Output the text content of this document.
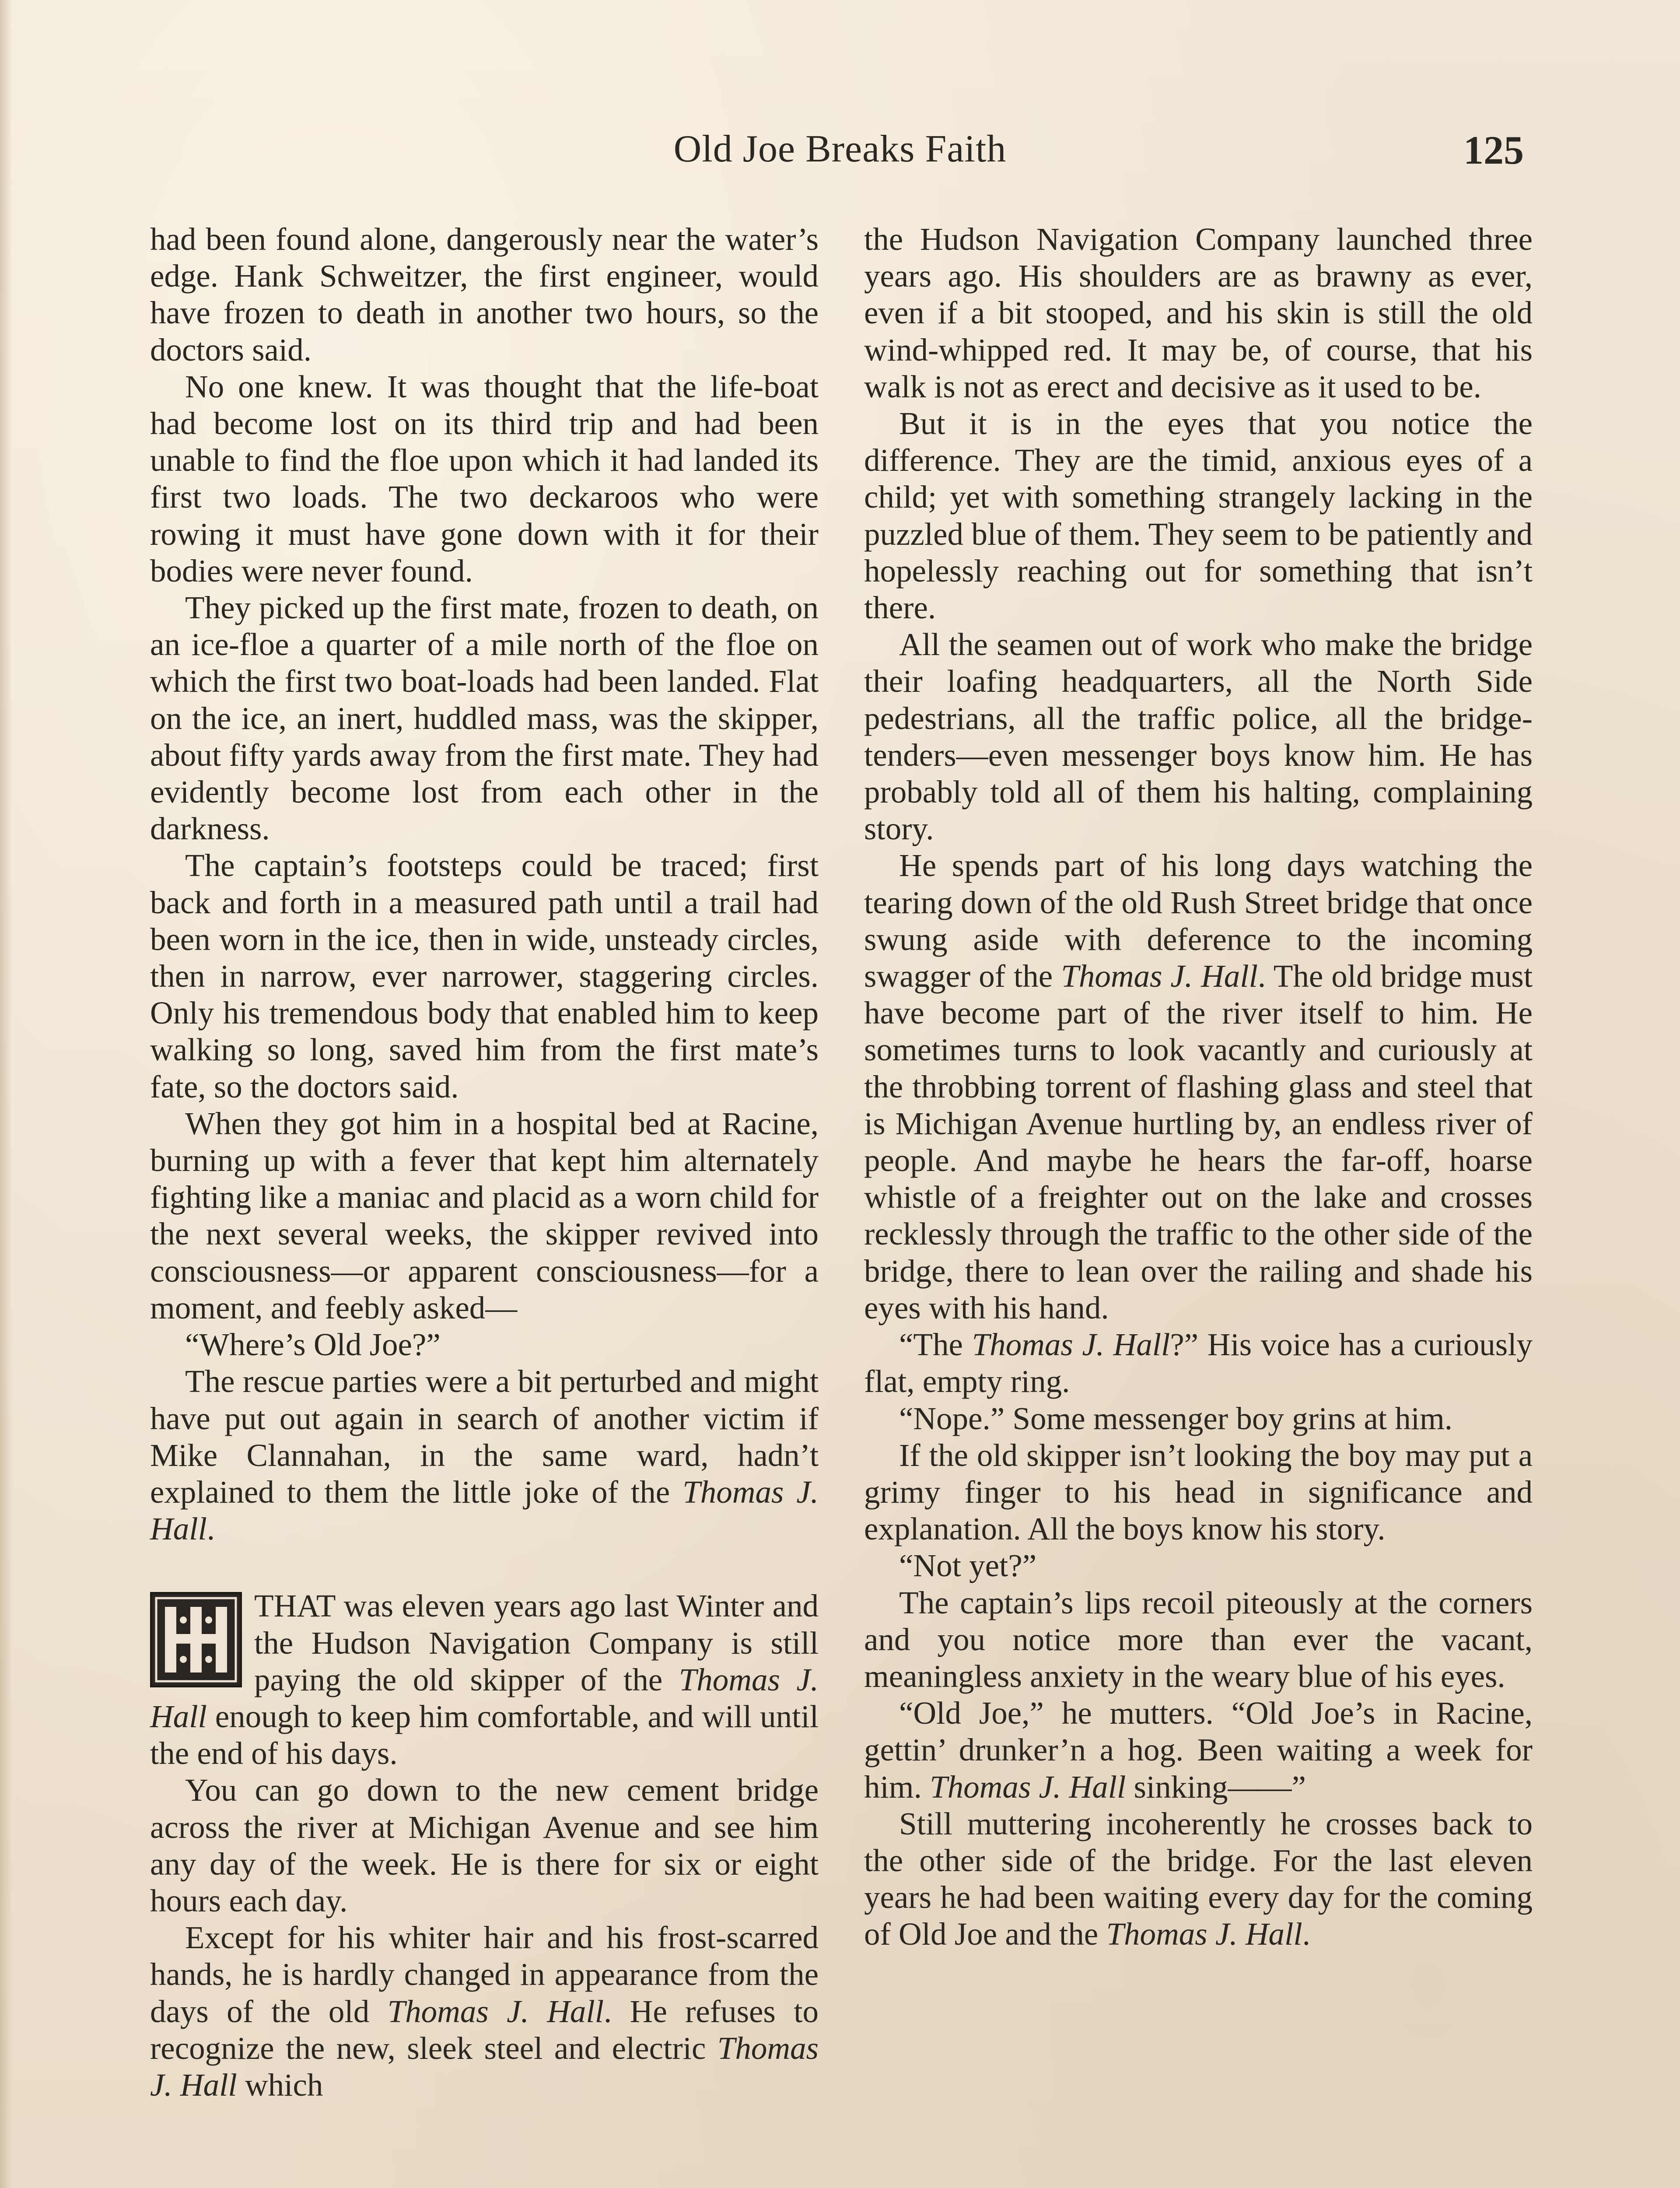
Old Joe Breaks Faith	125

had been found alone, dangerously near the water’s edge. Hank Schweitzer, the first engineer, would have frozen to death in another two hours, so the doctors said.

No one knew. It was thought that the life-boat had become lost on its third trip and had been unable to find the floe upon which it had landed its first two loads. The two deckaroos who were rowing it must have gone down with it for their bodies were never found.

They picked up the first mate, frozen to death, on an ice-floe a quarter of a mile north of the floe on which the first two boat-loads had been landed. Flat on the ice, an inert, huddled mass, was the skipper, about fifty yards away from the first mate. They had evidently become lost from each other in the darkness.

The captain’s footsteps could be traced; first back and forth in a measured path until a trail had been worn in the ice, then in wide, unsteady circles, then in narrow, ever narrower, staggering circles. Only his tremendous body that enabled him to keep walking so long, saved him from the first mate’s fate, so the doctors said.

When they got him in a hospital bed at Racine, burning up with a fever that kept him alternately fighting like a maniac and placid as a worn child for the next several weeks, the skipper revived into consciousness—or apparent consciousness—for a moment, and feebly asked—

“Where’s Old Joe?”

The rescue parties were a bit perturbed and might have put out again in search of another victim if Mike Clannahan, in the same ward, hadn’t explained to them the little joke of the Thomas J. Hall.

THAT was eleven years ago last Winter and the Hudson Navigation Company is still paying the old skipper of the Thomas J. Hall enough to keep him comfortable, and will until the end of his days.

You can go down to the new cement bridge across the river at Michigan Avenue and see him any day of the week. He is there for six or eight hours each day.

Except for his whiter hair and his frost-scarred hands, he is hardly changed in appearance from the days of the old Thomas J. Hall. He refuses to recognize the new, sleek steel and electric Thomas J. Hall which

the Hudson Navigation Company launched three years ago. His shoulders are as brawny as ever, even if a bit stooped, and his skin is still the old wind-whipped red. It may be, of course, that his walk is not as erect and decisive as it used to be.

But it is in the eyes that you notice the difference. They are the timid, anxious eyes of a child; yet with something strangely lacking in the puzzled blue of them. They seem to be patiently and hopelessly reaching out for something that isn’t there.

All the seamen out of work who make the bridge their loafing headquarters, all the North Side pedestrians, all the traffic police, all the bridge-tenders—even messenger boys know him. He has probably told all of them his halting, complaining story.

He spends part of his long days watching the tearing down of the old Rush Street bridge that once swung aside with deference to the incoming swagger of the Thomas J. Hall. The old bridge must have become part of the river itself to him. He sometimes turns to look vacantly and curiously at the throbbing torrent of flashing glass and steel that is Michigan Avenue hurtling by, an endless river of people. And maybe he hears the far-off, hoarse whistle of a freighter out on the lake and crosses recklessly through the traffic to the other side of the bridge, there to lean over the railing and shade his eyes with his hand.

“The Thomas J. Hall?” His voice has a curiously flat, empty ring.

“Nope.” Some messenger boy grins at him.

If the old skipper isn’t looking the boy may put a grimy finger to his head in significance and explanation. All the boys know his story.

“Not yet?”

The captain’s lips recoil piteously at the corners and you notice more than ever the vacant, meaningless anxiety in the weary blue of his eyes.

“Old Joe,” he mutters. “Old Joe’s in Racine, gettin’ drunker’n a hog. Been waiting a week for him. Thomas J. Hall sinking——”

Still muttering incoherently he crosses back to the other side of the bridge. For the last eleven years he had been waiting every day for the coming of Old Joe and the Thomas J. Hall.
